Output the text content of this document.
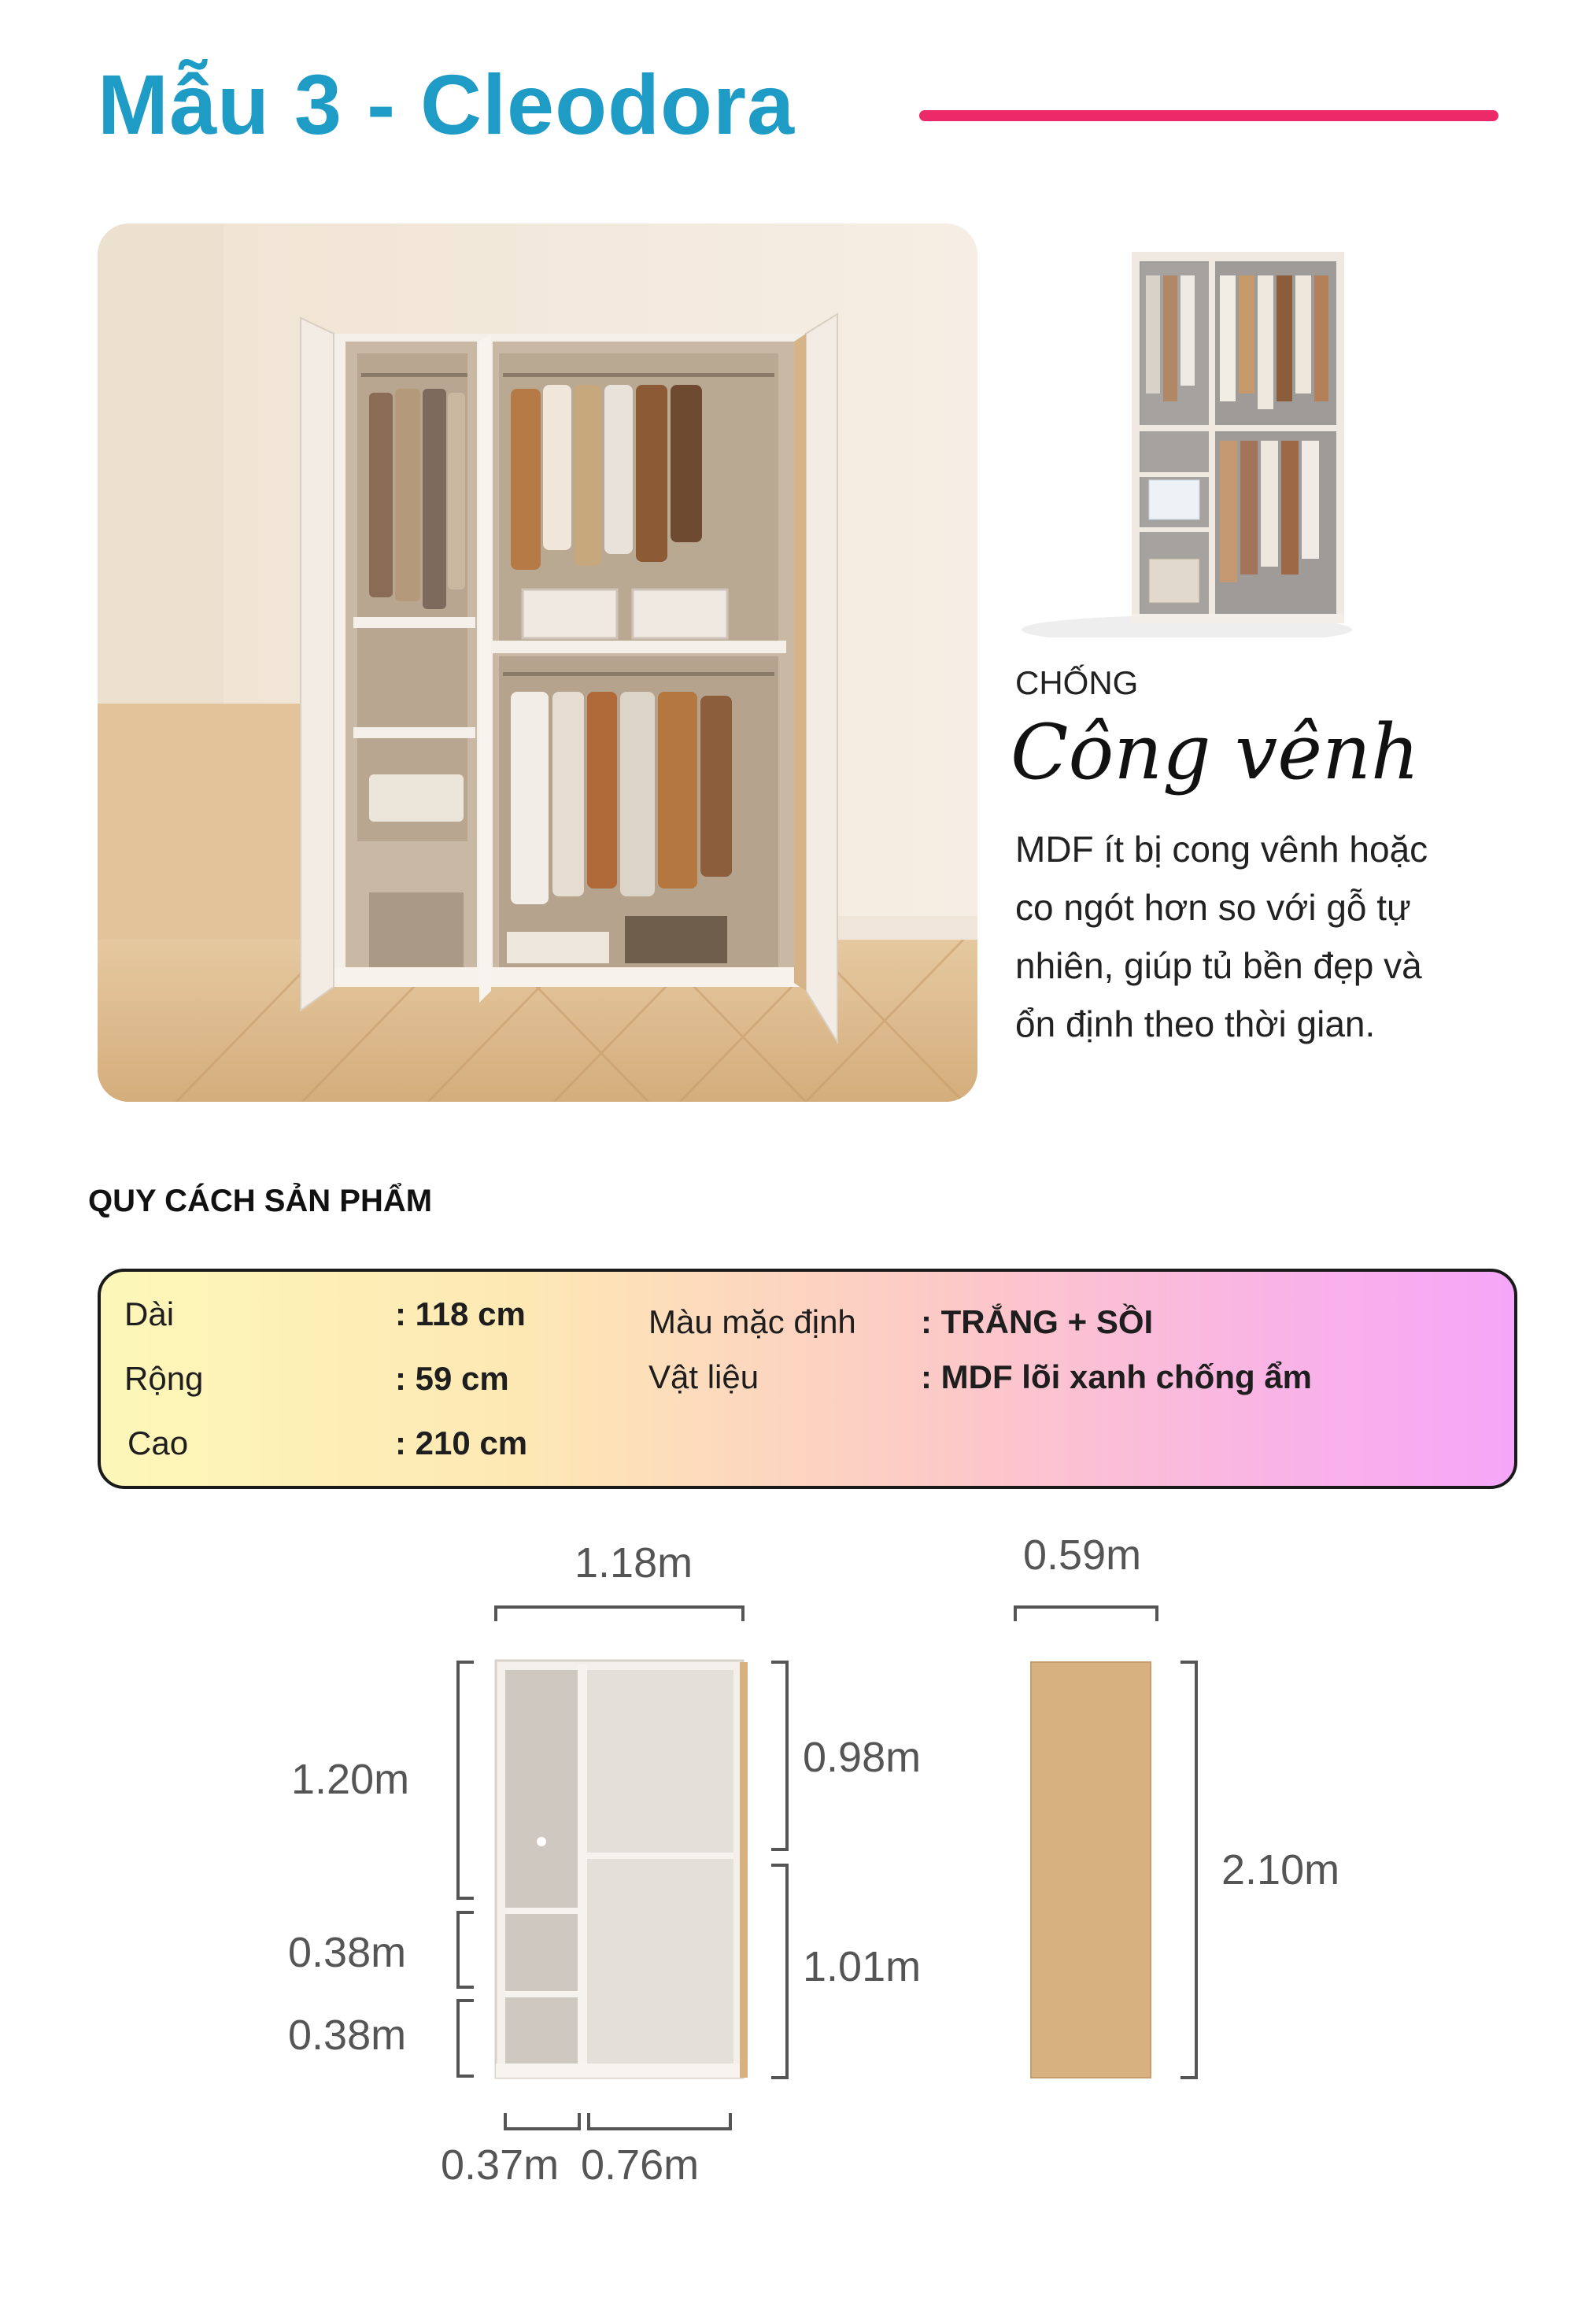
Mẫu 3 - Cleodora
CHỐNG
Công vênh
MDF ít bị cong vênh hoặc
co ngót hơn so với gỗ tự
nhiên, giúp tủ bền đẹp và
ổn định theo thời gian.
QUY CÁCH SẢN PHẨM
Dài	: 118 cm
Rộng	: 59 cm
Cao	: 210 cm
Màu mặc định : TRẮNG + SỒI
Vật liệu	: MDF lõi xanh chống ẩm
1.18m
1.20m
0.38m
0.38m
0.98m
1.01m
0.37m 0.76m
0.59m
2.10m
